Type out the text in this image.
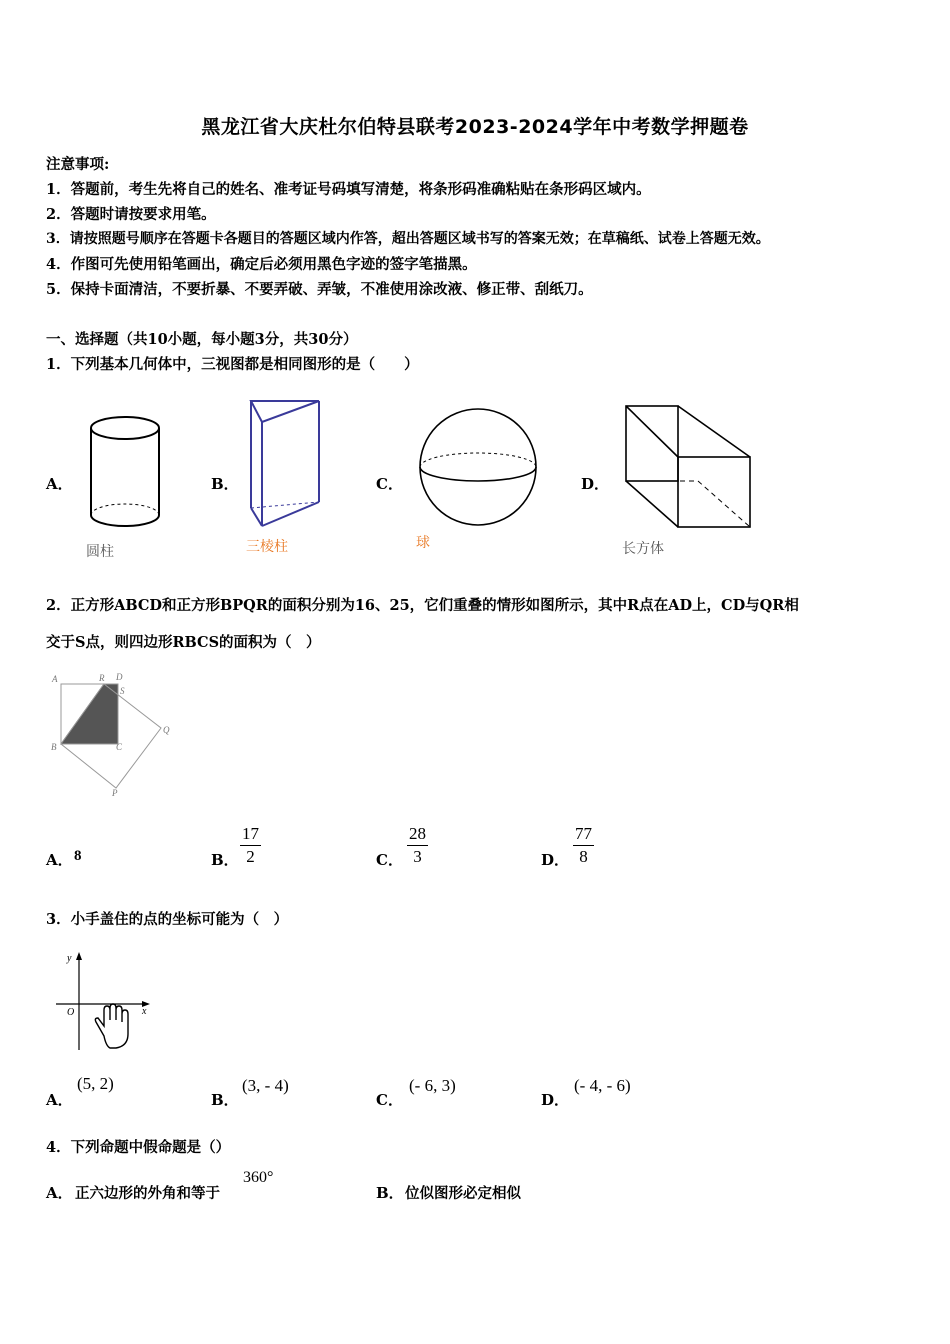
黑龙江省大庆杜尔伯特县联考2023-2024学年中考数学押题卷
注意事项:
1．答题前，考生先将自己的姓名、准考证号码填写清楚，将条形码准确粘贴在条形码区域内。
2．答题时请按要求用笔。
3．请按照题号顺序在答题卡各题目的答题区域内作答，超出答题区域书写的答案无效；在草稿纸、试卷上答题无效。
4．作图可先使用铅笔画出，确定后必须用黑色字迹的签字笔描黑。
5．保持卡面清洁，不要折暴、不要弄破、弄皱，不准使用涂改液、修正带、刮纸刀。
一、选择题（共10小题，每小题3分，共30分）
1．下列基本几何体中，三视图都是相同图形的是（　　）
A．
圆柱
B．
三棱柱
C．
球
D．
长方体
2．正方形ABCD和正方形BPQR的面积分别为16、25，它们重叠的情形如图所示，其中R点在AD上，CD与QR相
交于S点，则四边形RBCS的面积为（　）
A	R D
S
B	C
Q
P
A． 8	B． $\frac{17}{2}$	C． $\frac{28}{3}$	D． $\frac{77}{8}$
3．小手盖住的点的坐标可能为（　）
y
x
O
A．
(5, 2)
B．
(3, - 4)
C．
(- 6, 3)
D．
(- 4, - 6)
4．下列命题中假命题是（）
A． 正六边形的外角和等于
360°
B． 位似图形必定相似
